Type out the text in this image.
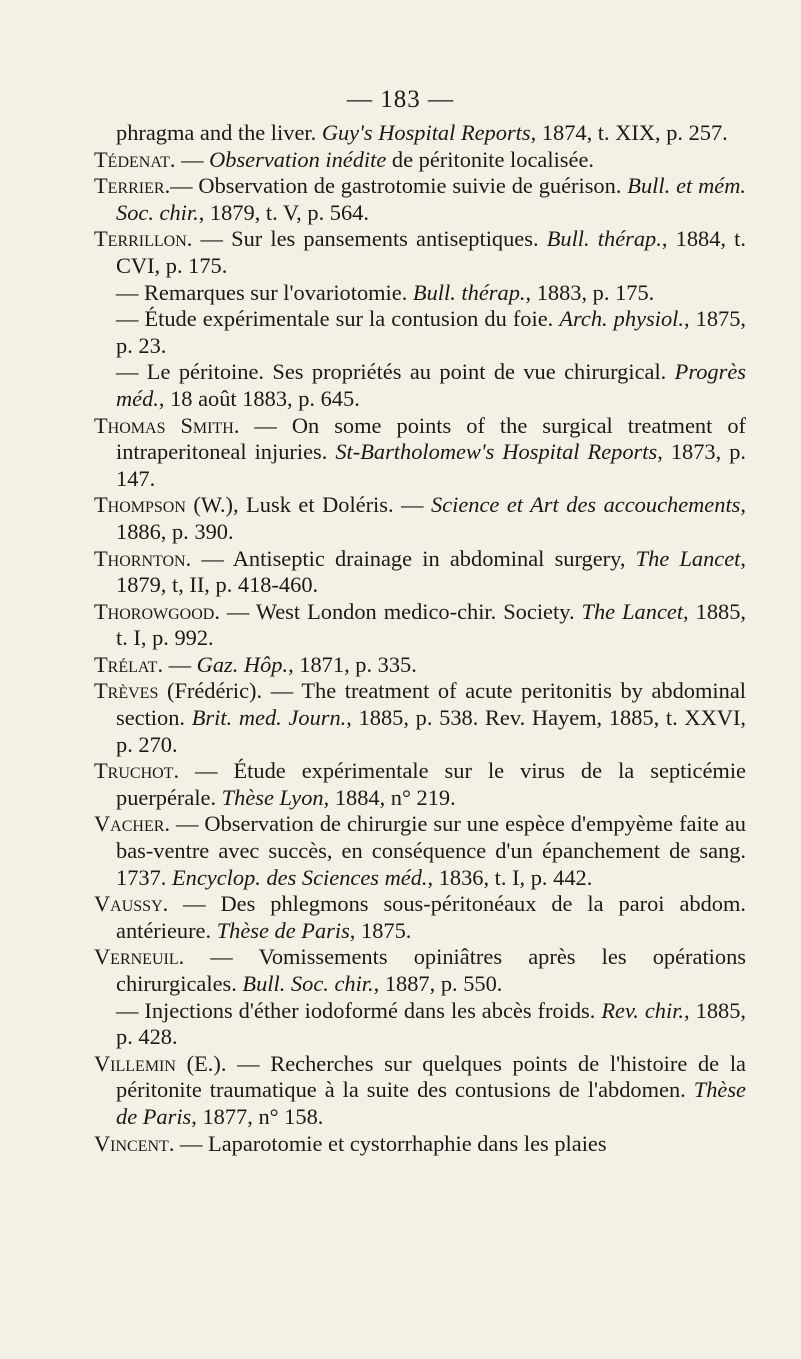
— 183 —

phragma and the liver. Guy's Hospital Reports, 1874, t. XIX, p. 257.

Tédenat. — Observation inédite de péritonite localisée.

Terrier.— Observation de gastrotomie suivie de guérison. Bull. et mém. Soc. chir., 1879, t. V, p. 564.

Terrillon. — Sur les pansements antiseptiques. Bull. thérap., 1884, t. CVI, p. 175.

— Remarques sur l'ovariotomie. Bull. thérap., 1883, p. 175.

— Étude expérimentale sur la contusion du foie. Arch. physiol., 1875, p. 23.

— Le péritoine. Ses propriétés au point de vue chirurgical. Progrès méd., 18 août 1883, p. 645.

Thomas Smith. — On some points of the surgical treatment of intraperitoneal injuries. St-Bartholomew's Hospital Reports, 1873, p. 147.

Thompson (W.), Lusk et Doléris. — Science et Art des accouchements, 1886, p. 390.

Thornton. — Antiseptic drainage in abdominal surgery, The Lancet, 1879, t, II, p. 418-460.

Thorowgood. — West London medico-chir. Society. The Lancet, 1885, t. I, p. 992.

Trélat. — Gaz. Hôp., 1871, p. 335.

Trèves (Frédéric). — The treatment of acute peritonitis by abdominal section. Brit. med. Journ., 1885, p. 538. Rev. Hayem, 1885, t. XXVI, p. 270.

Truchot. — Étude expérimentale sur le virus de la septicémie puerpérale. Thèse Lyon, 1884, n° 219.

Vacher. — Observation de chirurgie sur une espèce d'empyème faite au bas-ventre avec succès, en conséquence d'un épanchement de sang. 1737. Encyclop. des Sciences méd., 1836, t. I, p. 442.

Vaussy. — Des phlegmons sous-péritonéaux de la paroi abdom. antérieure. Thèse de Paris, 1875.

Verneuil. — Vomissements opiniâtres après les opérations chirurgicales. Bull. Soc. chir., 1887, p. 550.

— Injections d'éther iodoformé dans les abcès froids. Rev. chir., 1885, p. 428.

Villemin (E.). — Recherches sur quelques points de l'histoire de la péritonite traumatique à la suite des contusions de l'abdomen. Thèse de Paris, 1877, n° 158.

Vincent. — Laparotomie et cystorrhaphie dans les plaies
